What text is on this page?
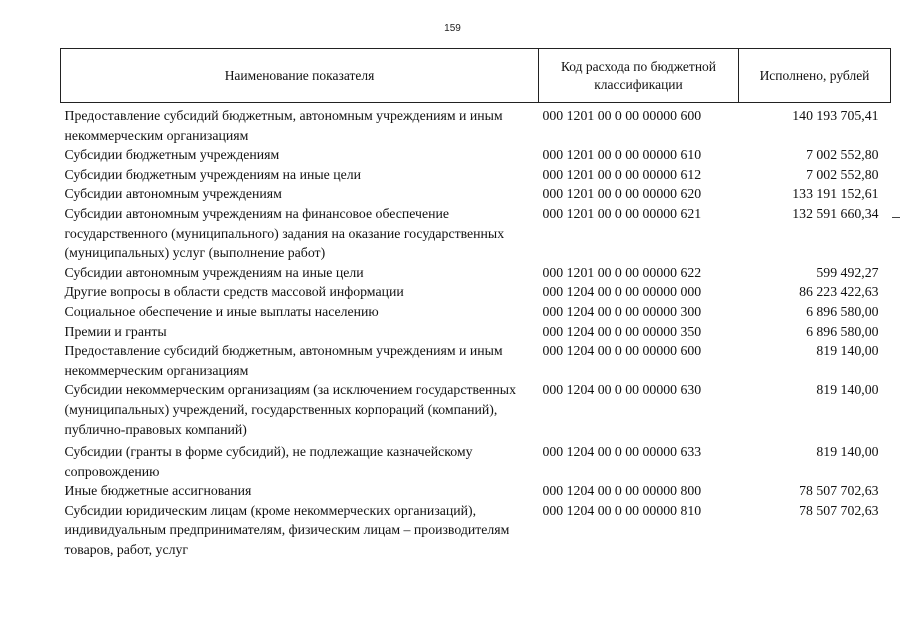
159
Наименование показателя	Код расхода по бюджетной классификации	Исполнено, рублей
Предоставление субсидий бюджетным, автономным учреждениям и иным некоммерческим организациям	000 1201 00 0 00 00000 600	140 193 705,41
Субсидии бюджетным учреждениям	000 1201 00 0 00 00000 610	7 002 552,80
Субсидии бюджетным учреждениям на иные цели	000 1201 00 0 00 00000 612	7 002 552,80
Субсидии автономным учреждениям	000 1201 00 0 00 00000 620	133 191 152,61
Субсидии автономным учреждениям на финансовое обеспечение государственного (муниципального) задания на оказание государственных (муниципальных) услуг (выполнение работ)	000 1201 00 0 00 00000 621	132 591 660,34
Субсидии автономным учреждениям на иные цели	000 1201 00 0 00 00000 622	599 492,27
Другие вопросы в области средств массовой информации	000 1204 00 0 00 00000 000	86 223 422,63
Социальное обеспечение и иные выплаты населению	000 1204 00 0 00 00000 300	6 896 580,00
Премии и гранты	000 1204 00 0 00 00000 350	6 896 580,00
Предоставление субсидий бюджетным, автономным учреждениям и иным некоммерческим организациям	000 1204 00 0 00 00000 600	819 140,00
Субсидии некоммерческим организациям (за исключением государственных (муниципальных) учреждений, государственных корпораций (компаний), публично-правовых компаний)	000 1204 00 0 00 00000 630	819 140,00
Субсидии (гранты в форме субсидий), не подлежащие казначейскому сопровождению	000 1204 00 0 00 00000 633	819 140,00
Иные бюджетные ассигнования	000 1204 00 0 00 00000 800	78 507 702,63
Субсидии юридическим лицам (кроме некоммерческих организаций), индивидуальным предпринимателям, физическим лицам – производителям товаров, работ, услуг	000 1204 00 0 00 00000 810	78 507 702,63
